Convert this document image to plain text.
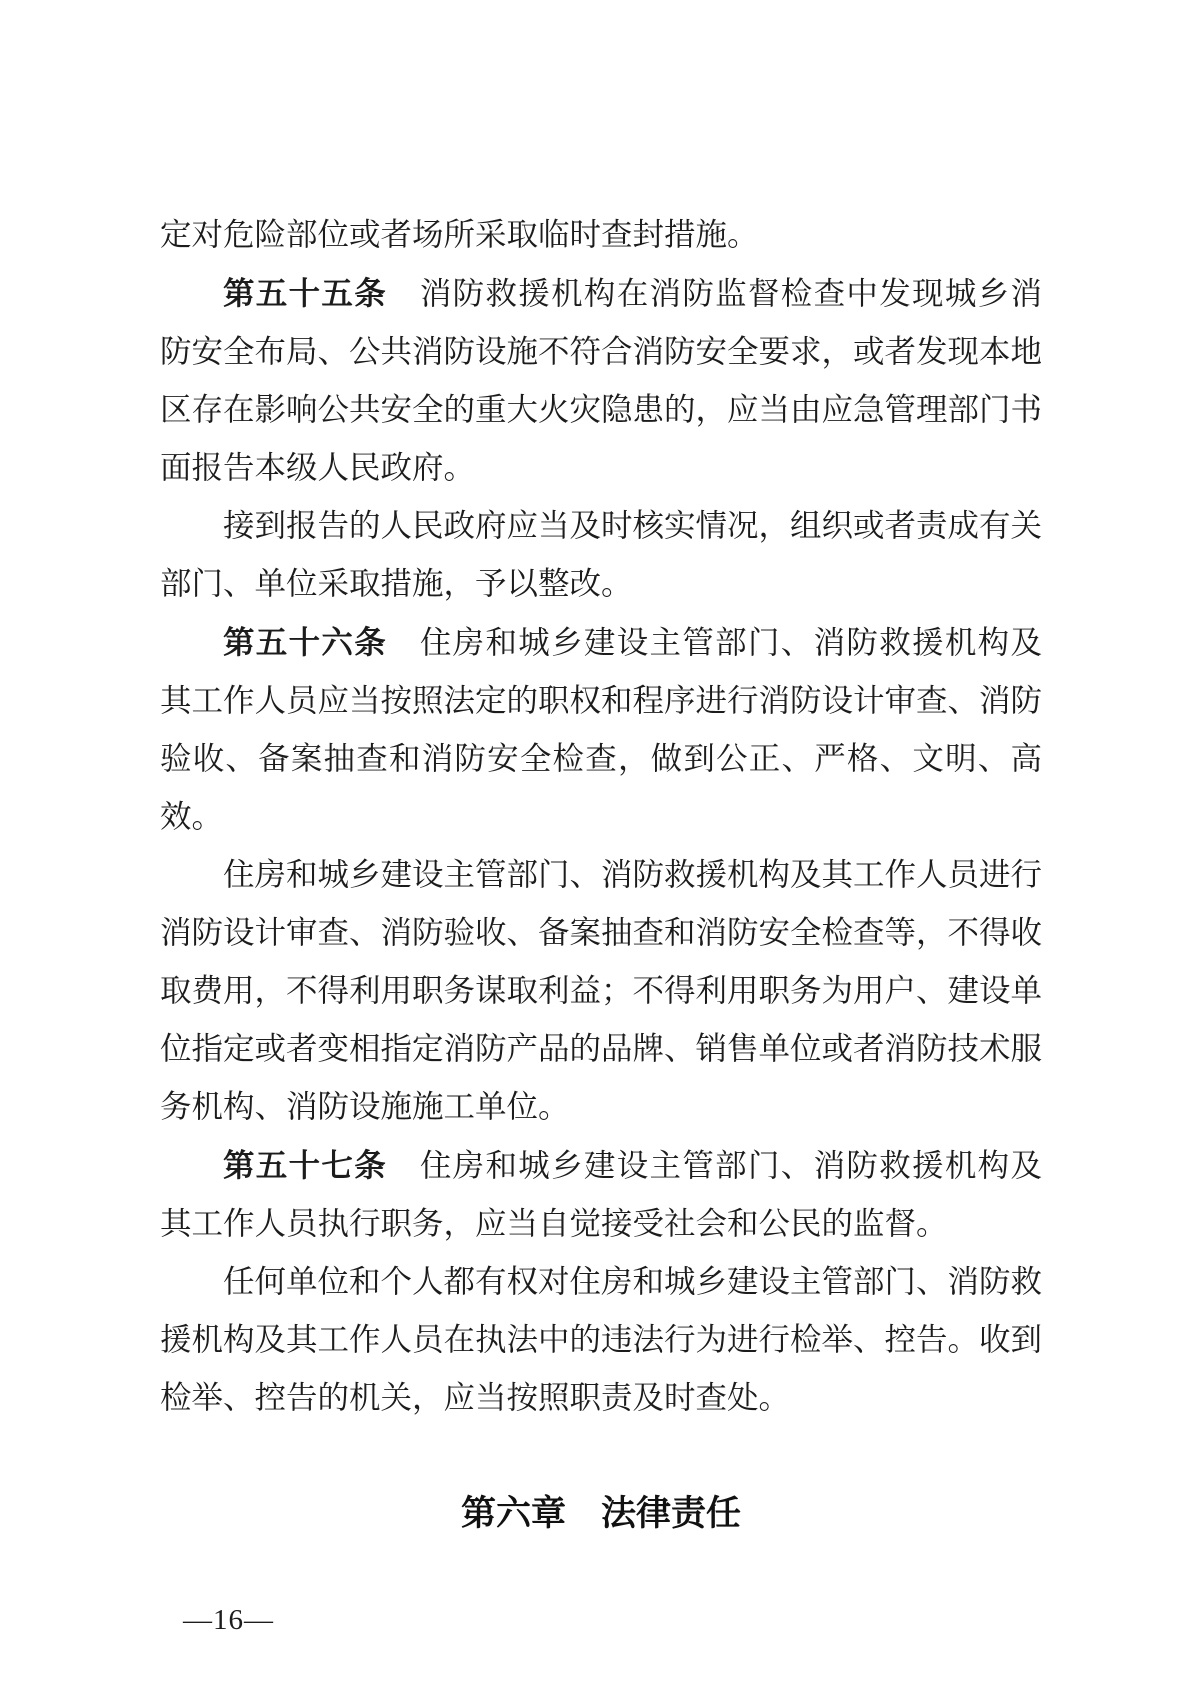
定对危险部位或者场所采取临时查封措施。

第五十五条　消防救援机构在消防监督检查中发现城乡消防安全布局、公共消防设施不符合消防安全要求，或者发现本地区存在影响公共安全的重大火灾隐患的，应当由应急管理部门书面报告本级人民政府。

接到报告的人民政府应当及时核实情况，组织或者责成有关部门、单位采取措施，予以整改。

第五十六条　住房和城乡建设主管部门、消防救援机构及其工作人员应当按照法定的职权和程序进行消防设计审查、消防验收、备案抽查和消防安全检查，做到公正、严格、文明、高效。

住房和城乡建设主管部门、消防救援机构及其工作人员进行消防设计审查、消防验收、备案抽查和消防安全检查等，不得收取费用，不得利用职务谋取利益；不得利用职务为用户、建设单位指定或者变相指定消防产品的品牌、销售单位或者消防技术服务机构、消防设施施工单位。

第五十七条　住房和城乡建设主管部门、消防救援机构及其工作人员执行职务，应当自觉接受社会和公民的监督。

任何单位和个人都有权对住房和城乡建设主管部门、消防救援机构及其工作人员在执法中的违法行为进行检举、控告。收到检举、控告的机关，应当按照职责及时查处。

第六章　法律责任
—16—
